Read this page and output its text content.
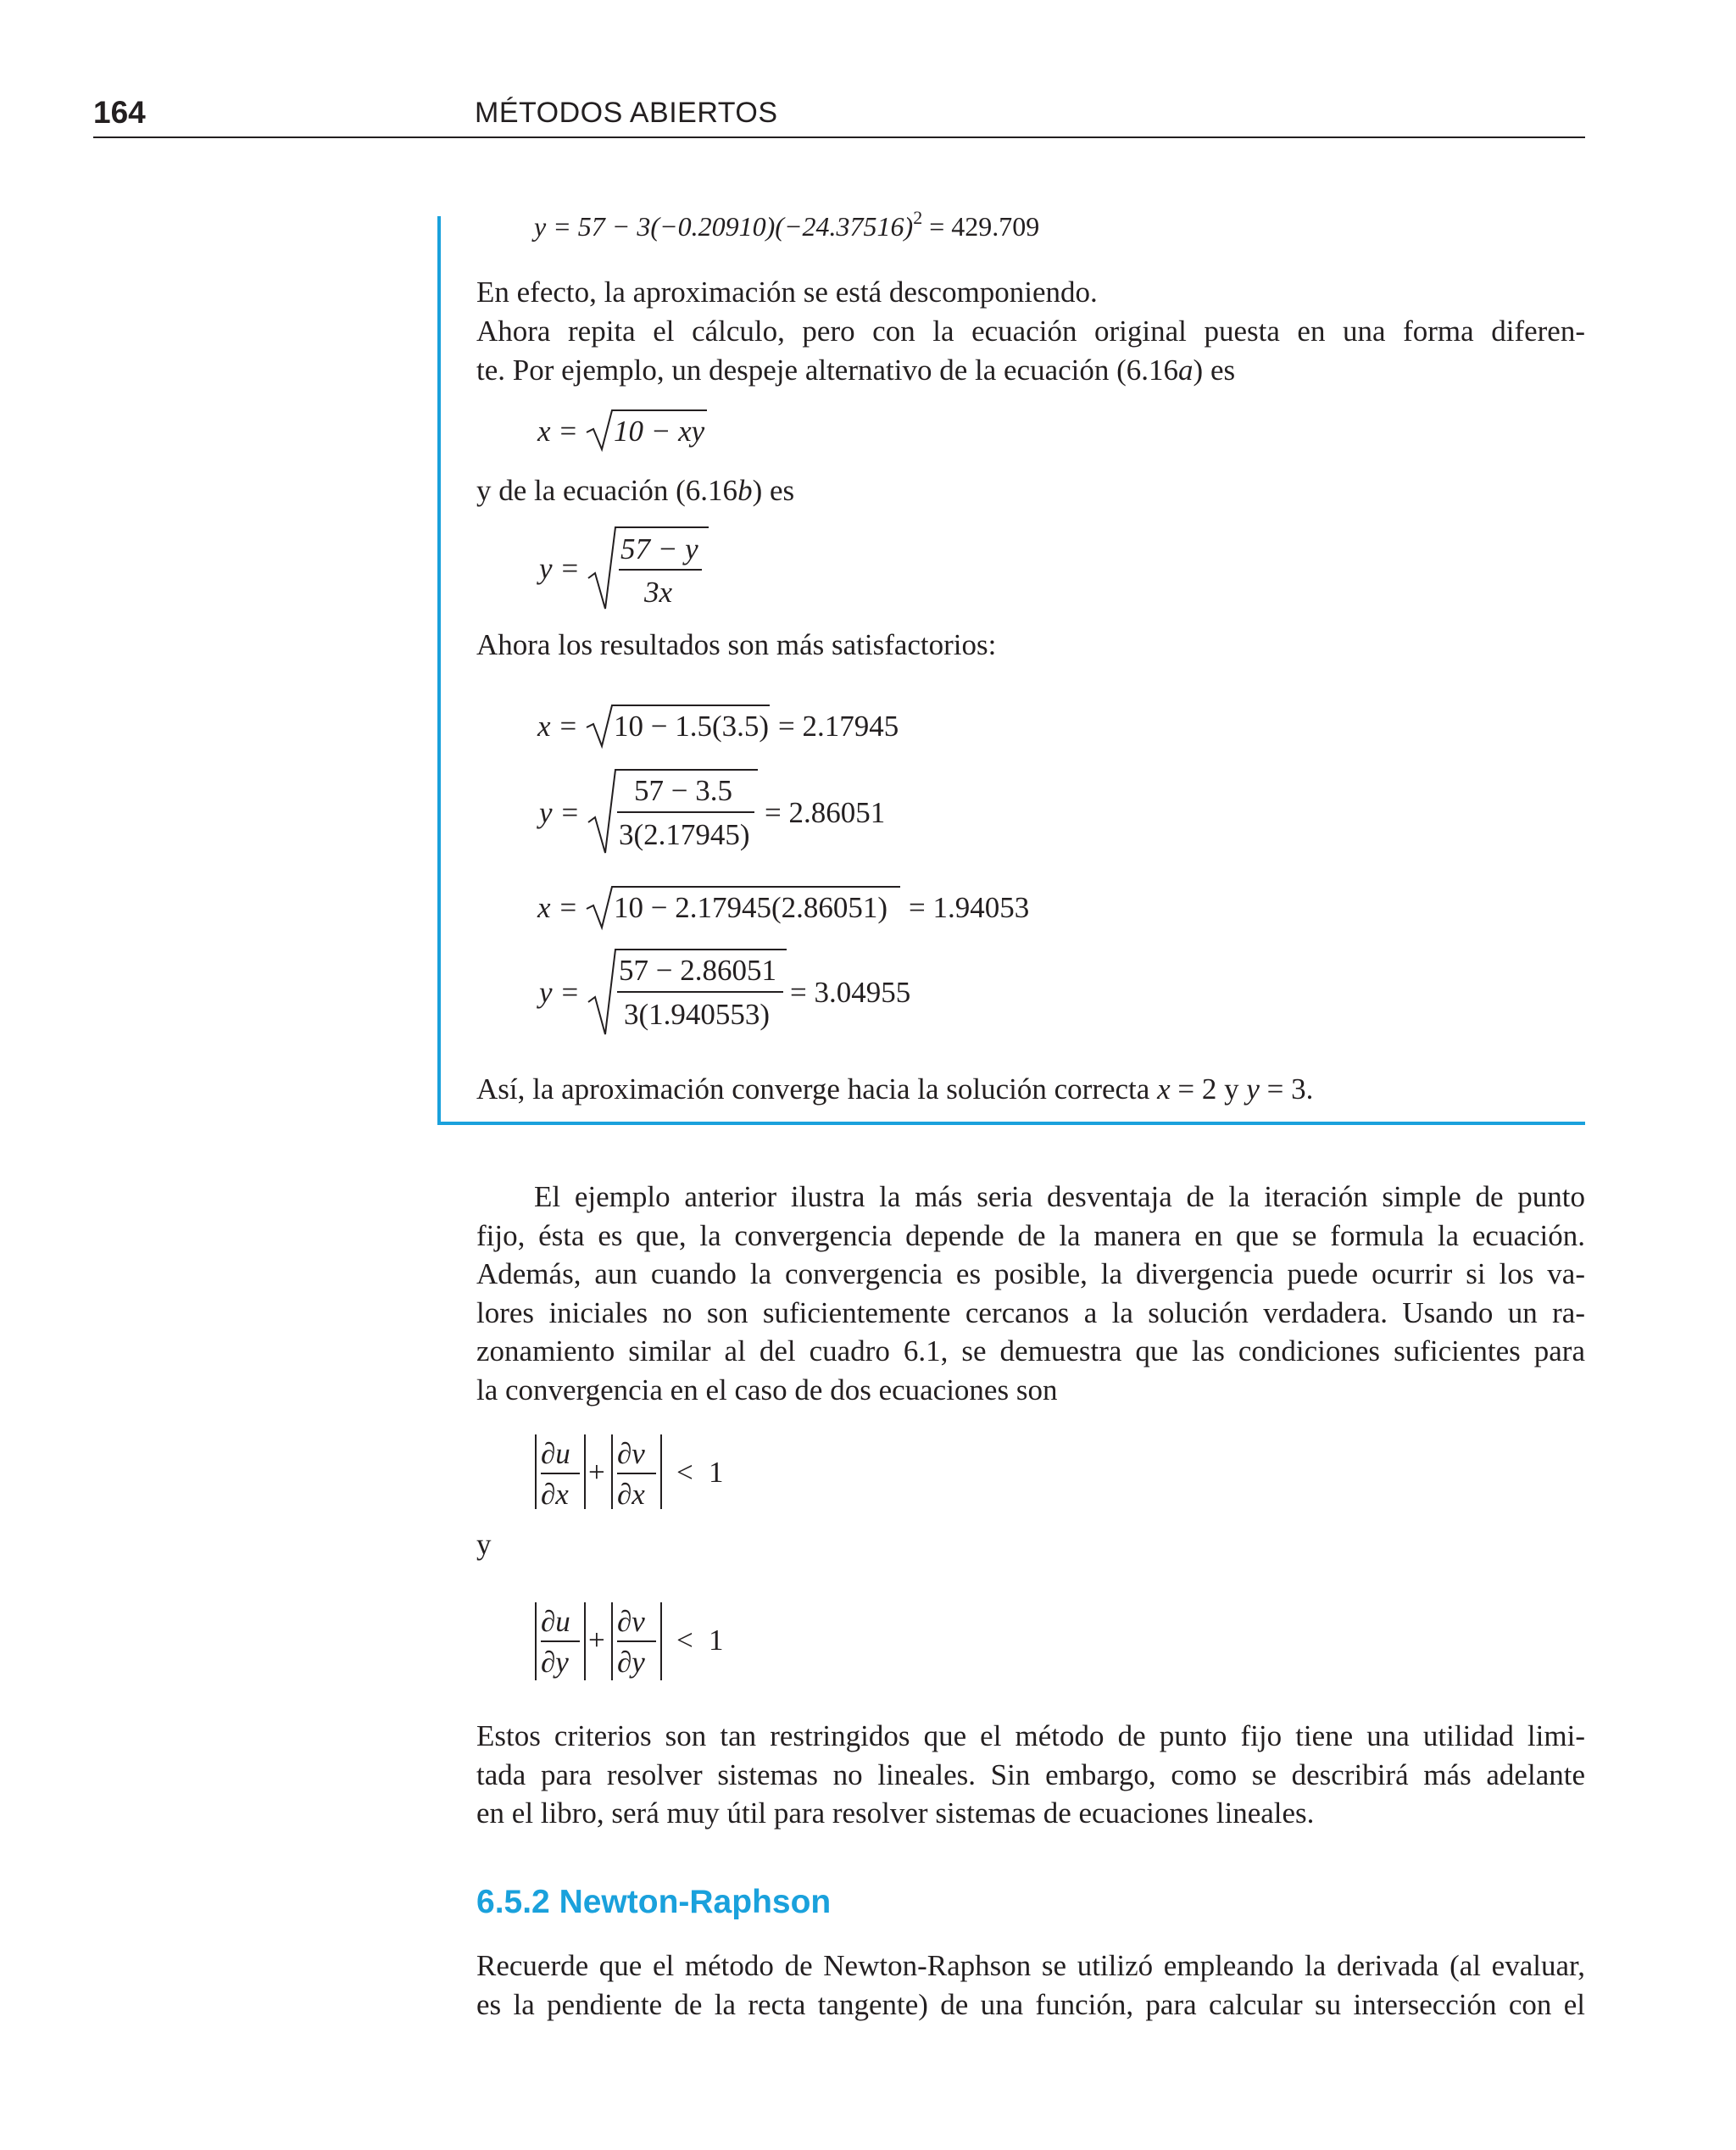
164	MÉTODOS ABIERTOS
$y = 57 - 3(-0.20910)(-24.37516)^2 = 429.709$
En efecto, la aproximación se está descomponiendo.
Ahora repita el cálculo, pero con la ecuación original puesta en una forma diferen-
te. Por ejemplo, un despeje alternativo de la ecuación (6.16a) es
x = 10 − xy
y de la ecuación (6.16b) es
y =
57 − y
3x
Ahora los resultados son más satisfactorios:
x = 10 − 1.5(3.5) = 2.17945
y =
57 − 3.5
3(2.17945)
= 2.86051
x = 10 − 2.17945(2.86051) = 1.94053
y =
57 − 2.86051
3(1.940553)
= 3.04955
Así, la aproximación converge hacia la solución correcta x = 2 y y = 3.

El ejemplo anterior ilustra la más seria desventaja de la iteración simple de punto

fijo, ésta es que, la convergencia depende de la manera en que se formula la ecuación.

Además, aun cuando la convergencia es posible, la divergencia puede ocurrir si los va-

lores iniciales no son suficientemente cercanos a la solución verdadera. Usando un ra-

zonamiento similar al del cuadro 6.1, se demuestra que las condiciones suficientes para

la convergencia en el caso de dos ecuaciones son

∂u
∂x
+
∂v
∂x
< 1
y
∂u
∂y
+
∂v
∂y
< 1

Estos criterios son tan restringidos que el método de punto fijo tiene una utilidad limi-

tada para resolver sistemas no lineales. Sin embargo, como se describirá más adelante

en el libro, será muy útil para resolver sistemas de ecuaciones lineales.

6.5.2 Newton-Raphson

Recuerde que el método de Newton-Raphson se utilizó empleando la derivada (al evaluar,

es la pendiente de la recta tangente) de una función, para calcular su intersección con el
